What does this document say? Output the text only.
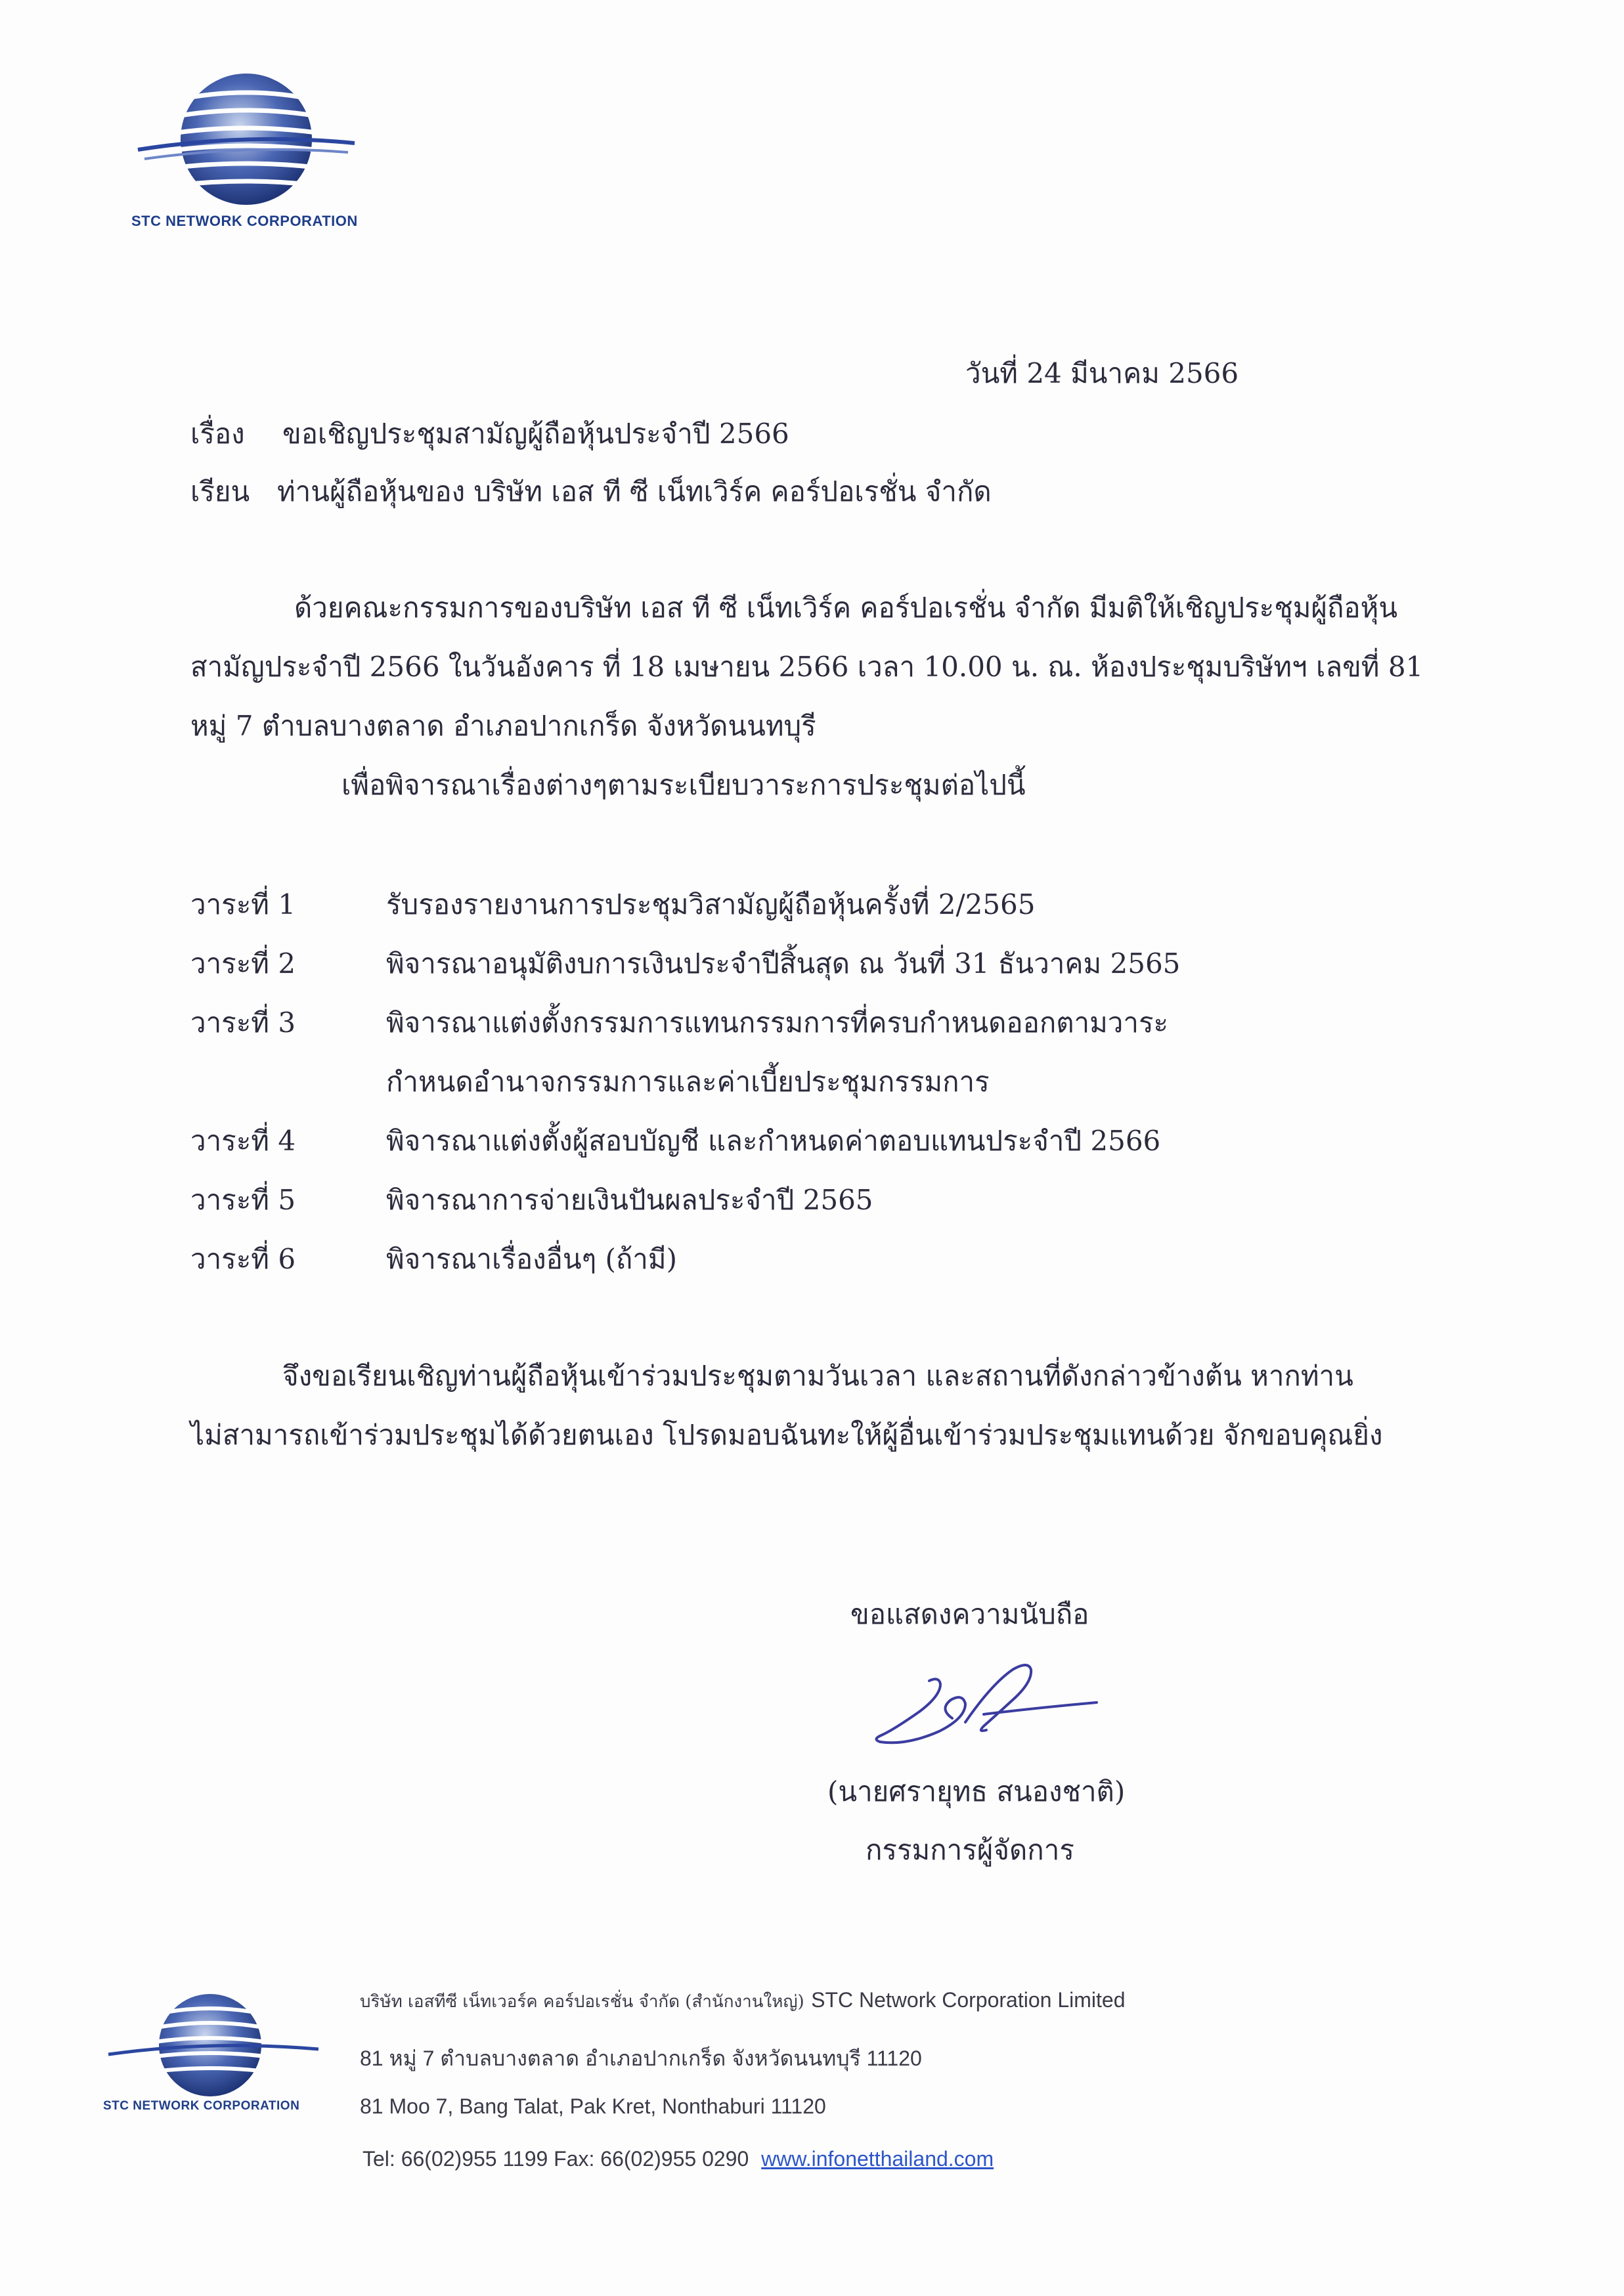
STC NETWORK CORPORATION
วันที่ 24 มีนาคม 2566
เรื่อง ขอเชิญประชุมสามัญผู้ถือหุ้นประจำปี 2566
เรียน ท่านผู้ถือหุ้นของ บริษัท เอส ที ซี เน็ทเวิร์ค คอร์ปอเรชั่น จำกัด
ด้วยคณะกรรมการของบริษัท เอส ที ซี เน็ทเวิร์ค คอร์ปอเรชั่น จำกัด มีมติให้เชิญประชุมผู้ถือหุ้น
สามัญประจำปี 2566 ในวันอังคาร ที่ 18 เมษายน 2566 เวลา 10.00 น. ณ. ห้องประชุมบริษัทฯ เลขที่ 81
หมู่ 7 ตำบลบางตลาด อำเภอปากเกร็ด จังหวัดนนทบุรี
เพื่อพิจารณาเรื่องต่างๆตามระเบียบวาระการประชุมต่อไปนี้
วาระที่ 1	รับรองรายงานการประชุมวิสามัญผู้ถือหุ้นครั้งที่ 2/2565
วาระที่ 2	พิจารณาอนุมัติงบการเงินประจำปีสิ้นสุด ณ วันที่ 31 ธันวาคม 2565
วาระที่ 3	พิจารณาแต่งตั้งกรรมการแทนกรรมการที่ครบกำหนดออกตามวาระ
กำหนดอำนาจกรรมการและค่าเบี้ยประชุมกรรมการ
วาระที่ 4	พิจารณาแต่งตั้งผู้สอบบัญชี และกำหนดค่าตอบแทนประจำปี 2566
วาระที่ 5	พิจารณาการจ่ายเงินปันผลประจำปี 2565
วาระที่ 6	พิจารณาเรื่องอื่นๆ (ถ้ามี)
จึงขอเรียนเชิญท่านผู้ถือหุ้นเข้าร่วมประชุมตามวันเวลา และสถานที่ดังกล่าวข้างต้น หากท่าน
ไม่สามารถเข้าร่วมประชุมได้ด้วยตนเอง โปรดมอบฉันทะให้ผู้อื่นเข้าร่วมประชุมแทนด้วย จักขอบคุณยิ่ง
ขอแสดงความนับถือ
(นายศรายุทธ สนองชาติ)
กรรมการผู้จัดการ
STC NETWORK CORPORATION
บริษัท เอสทีซี เน็ทเวอร์ค คอร์ปอเรชั่น จำกัด (สำนักงานใหญ่) STC Network Corporation Limited
81 หมู่ 7 ตำบลบางตลาด อำเภอปากเกร็ด จังหวัดนนทบุรี 11120
81 Moo 7, Bang Talat, Pak Kret, Nonthaburi 11120
Tel: 66(02)955 1199 Fax: 66(02)955 0290 www.infonetthailand.com
